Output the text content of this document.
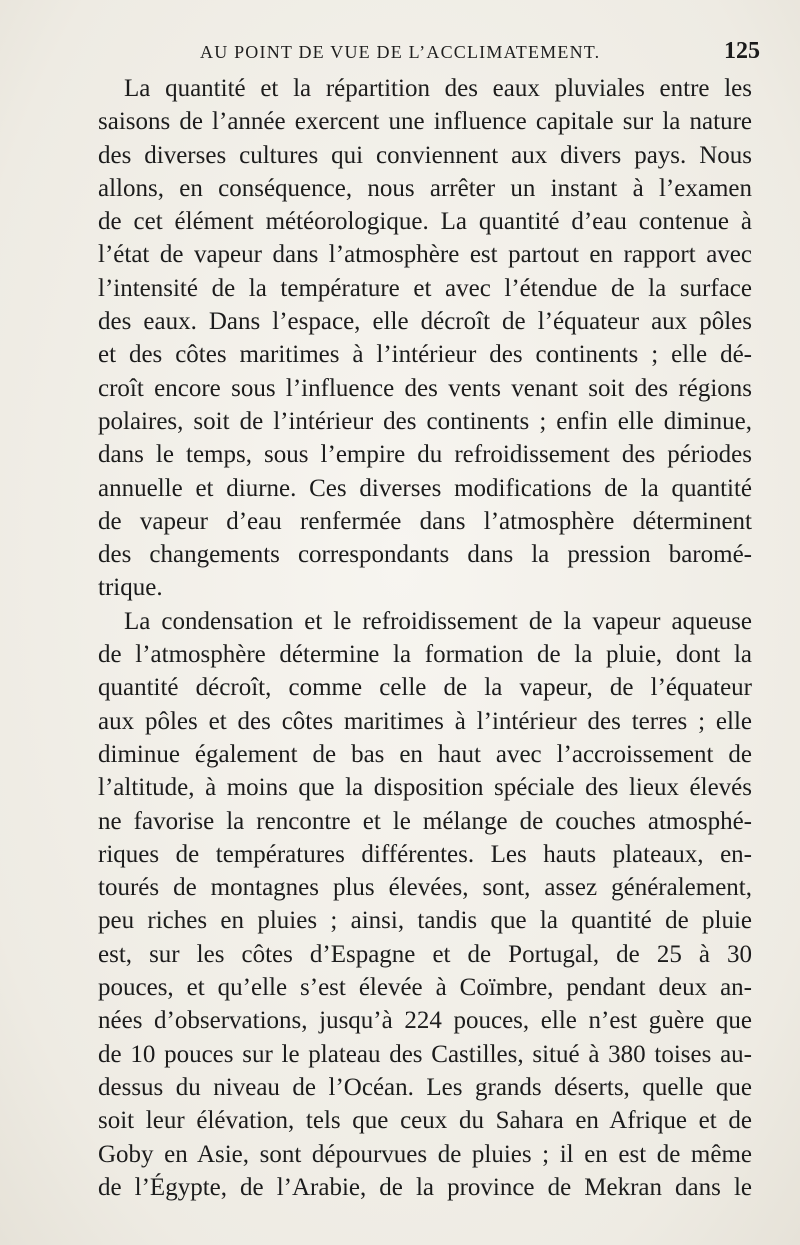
AU POINT DE VUE DE L’ACCLIMATEMENT.	125
La quantité et la répartition des eaux pluviales entre les
saisons de l’année exercent une influence capitale sur la nature
des diverses cultures qui conviennent aux divers pays. Nous
allons, en conséquence, nous arrêter un instant à l’examen
de cet élément météorologique. La quantité d’eau contenue à
l’état de vapeur dans l’atmosphère est partout en rapport avec
l’intensité de la température et avec l’étendue de la surface
des eaux. Dans l’espace, elle décroît de l’équateur aux pôles
et des côtes maritimes à l’intérieur des continents ; elle dé-
croît encore sous l’influence des vents venant soit des régions
polaires, soit de l’intérieur des continents ; enfin elle diminue,
dans le temps, sous l’empire du refroidissement des périodes
annuelle et diurne. Ces diverses modifications de la quantité
de vapeur d’eau renfermée dans l’atmosphère déterminent
des changements correspondants dans la pression baromé-
trique.
La condensation et le refroidissement de la vapeur aqueuse
de l’atmosphère détermine la formation de la pluie, dont la
quantité décroît, comme celle de la vapeur, de l’équateur
aux pôles et des côtes maritimes à l’intérieur des terres ; elle
diminue également de bas en haut avec l’accroissement de
l’altitude, à moins que la disposition spéciale des lieux élevés
ne favorise la rencontre et le mélange de couches atmosphé-
riques de températures différentes. Les hauts plateaux, en-
tourés de montagnes plus élevées, sont, assez généralement,
peu riches en pluies ; ainsi, tandis que la quantité de pluie
est, sur les côtes d’Espagne et de Portugal, de 25 à 30
pouces, et qu’elle s’est élevée à Coïmbre, pendant deux an-
nées d’observations, jusqu’à 224 pouces, elle n’est guère que
de 10 pouces sur le plateau des Castilles, situé à 380 toises au-
dessus du niveau de l’Océan. Les grands déserts, quelle que
soit leur élévation, tels que ceux du Sahara en Afrique et de
Goby en Asie, sont dépourvues de pluies ; il en est de même
de l’Égypte, de l’Arabie, de la province de Mekran dans le
